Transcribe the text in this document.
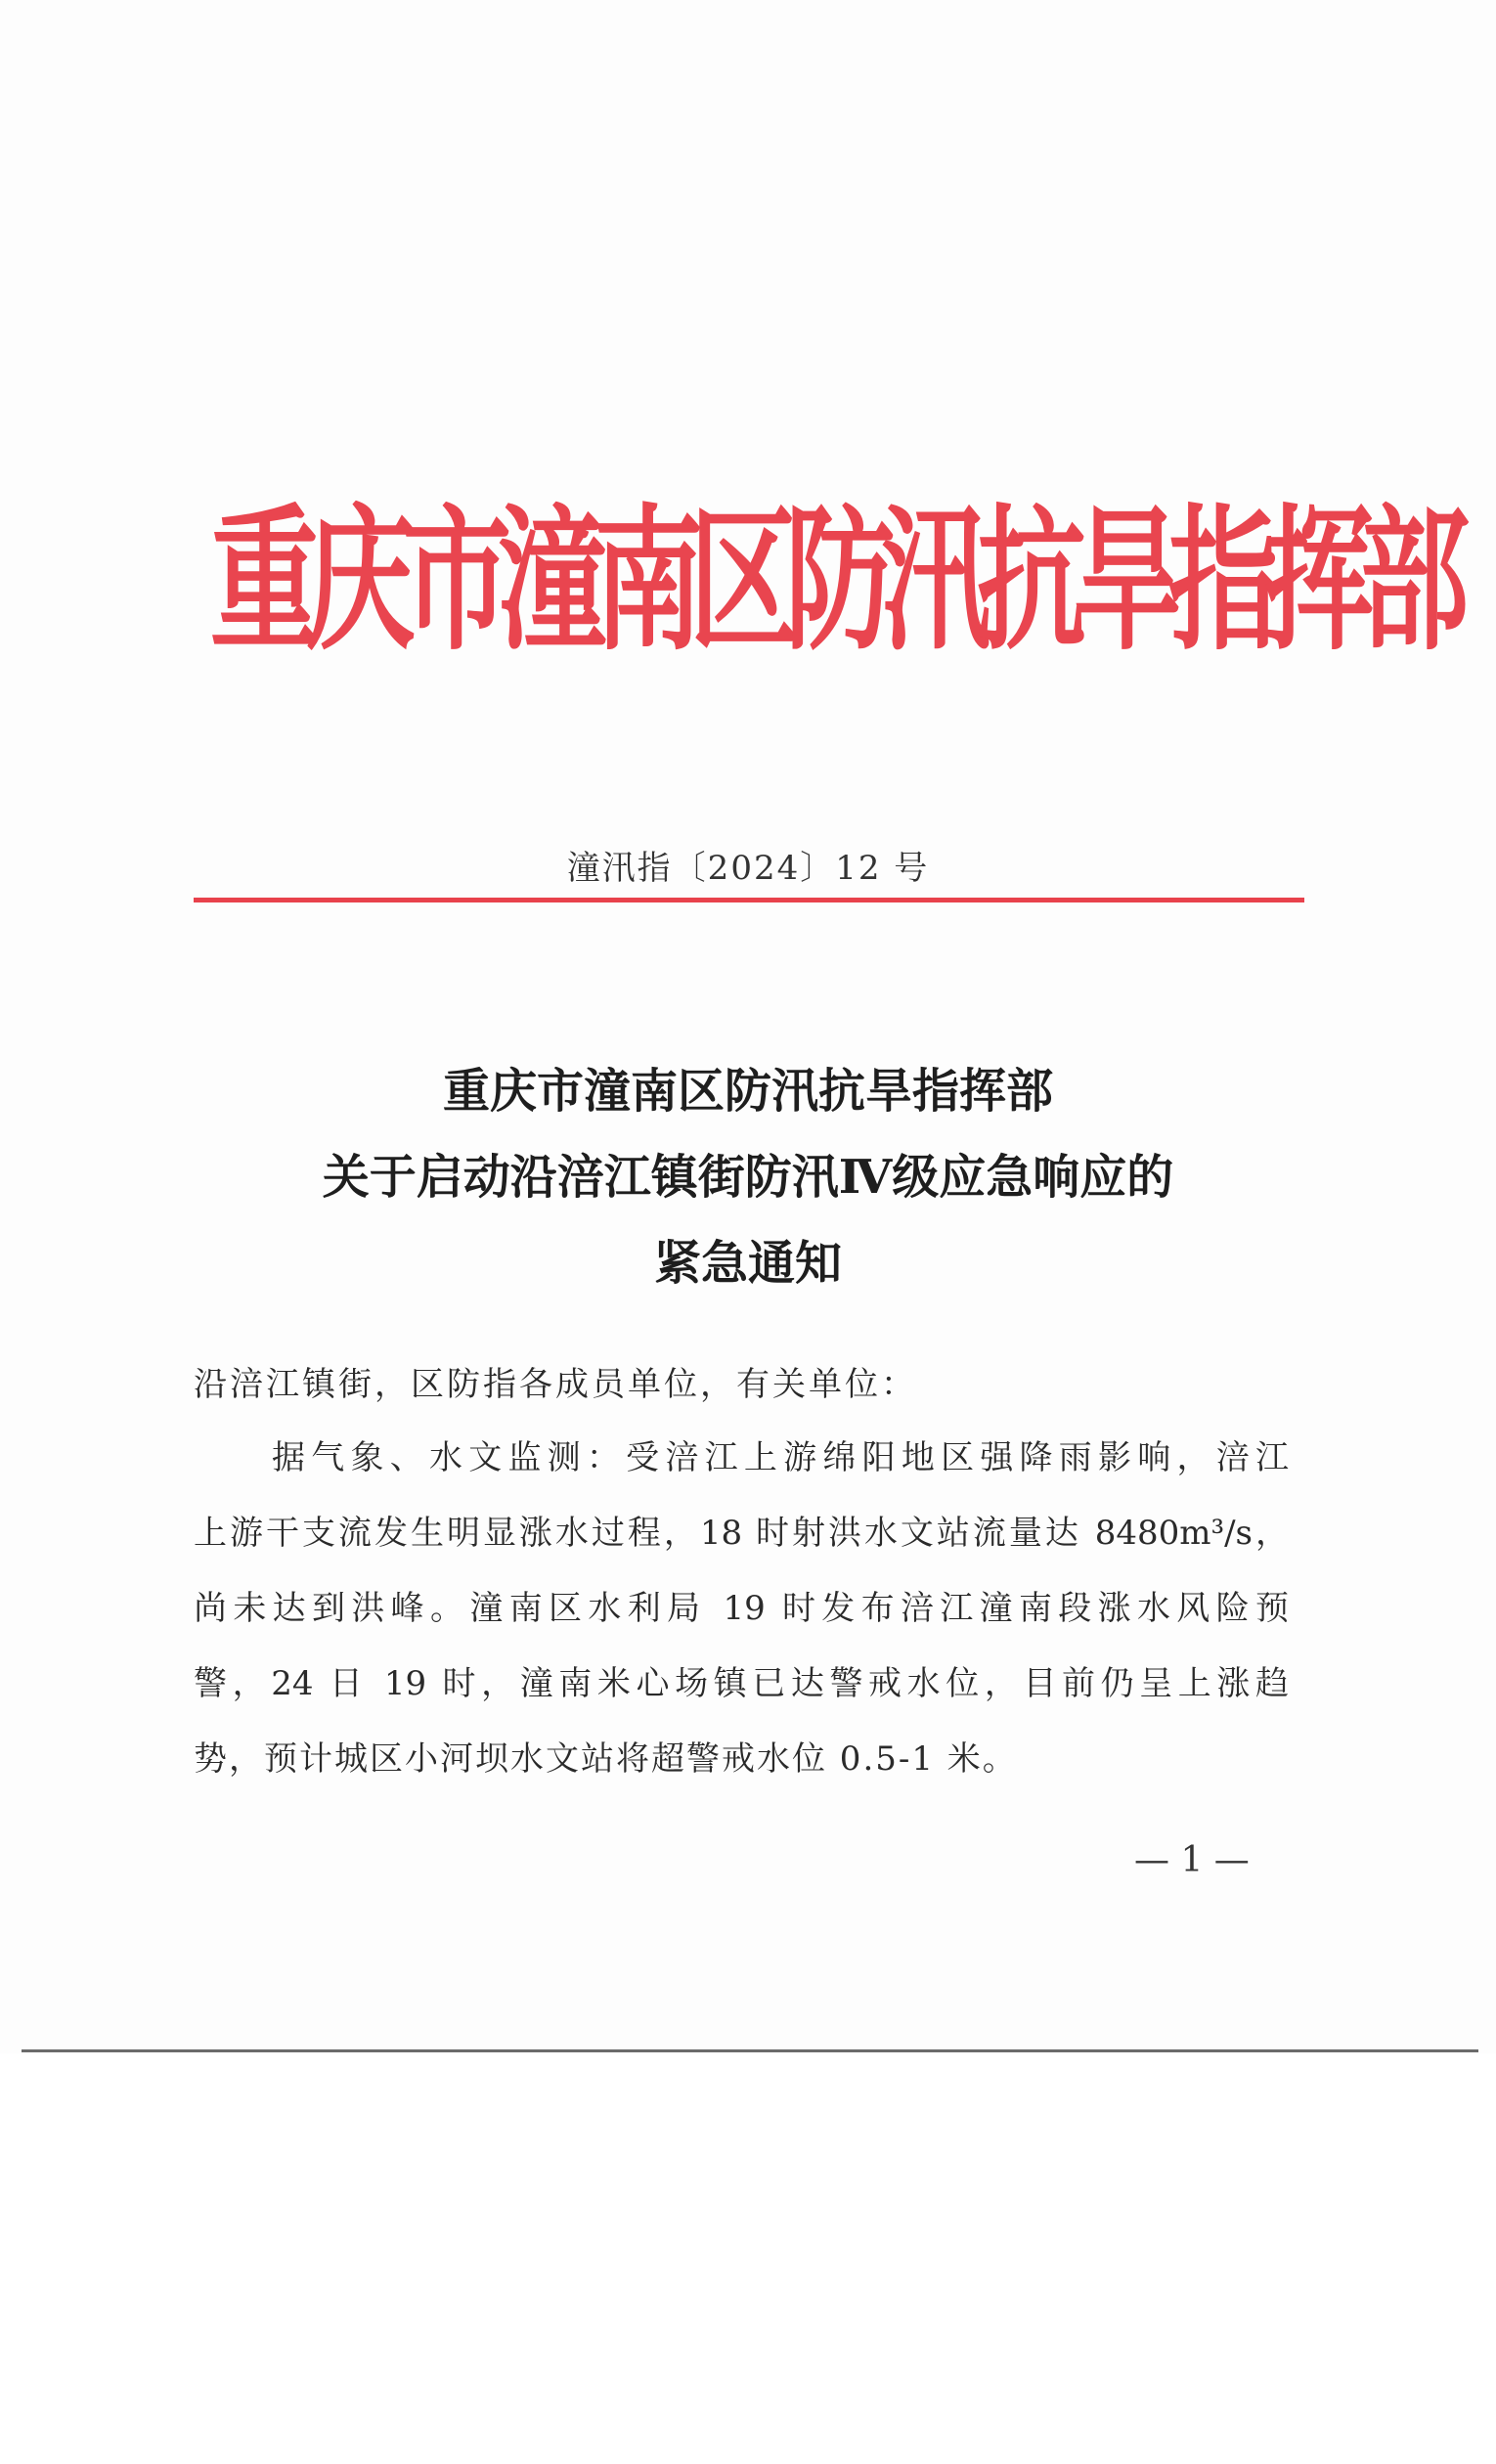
重庆市潼南区防汛抗旱指挥部
潼汛指〔2024〕12 号
重庆市潼南区防汛抗旱指挥部
关于启动沿涪江镇街防汛Ⅳ级应急响应的
紧急通知
沿涪江镇街，区防指各成员单位，有关单位：
据气象、水文监测：受涪江上游绵阳地区强降雨影响，涪江
上游干支流发生明显涨水过程，18 时射洪水文站流量达 8480m³/s，
尚未达到洪峰。潼南区水利局 19 时发布涪江潼南段涨水风险预
警，24 日 19 时，潼南米心场镇已达警戒水位，目前仍呈上涨趋
势，预计城区小河坝水文站将超警戒水位 0.5-1 米。
— 1 —
